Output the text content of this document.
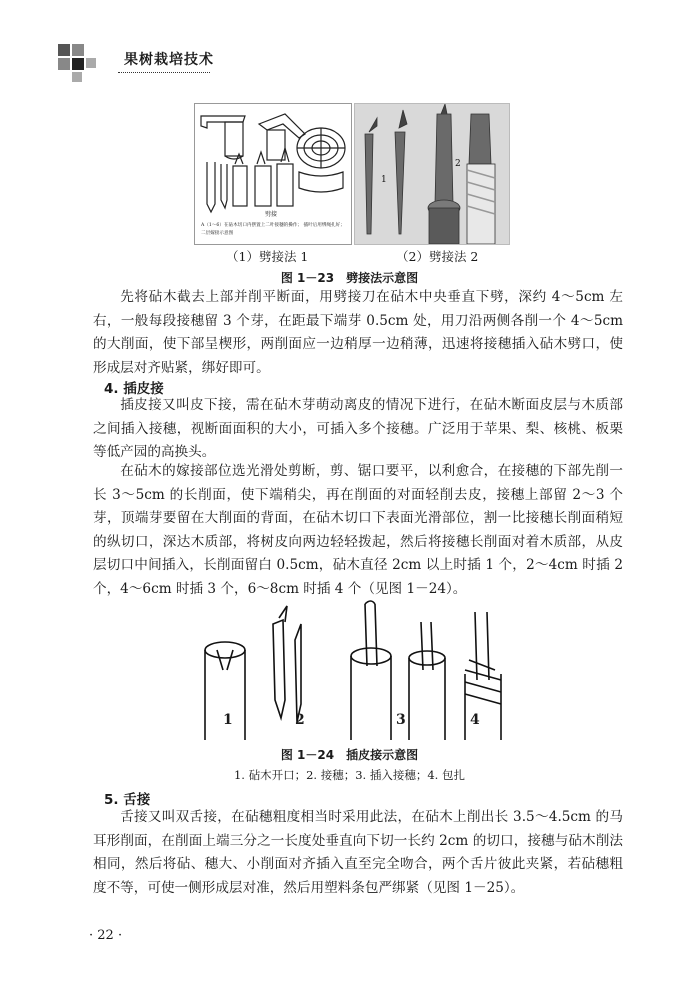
果树栽培技术
劈接
A（1～6）在砧木切口内摆置上二叶接穗的操作； 插叶后用绑绳扎好；
二层嫁接示意图
1
2
（1）劈接法 1	（2）劈接法 2
图 1－23　劈接法示意图

先将砧木截去上部并削平断面，用劈接刀在砧木中央垂直下劈，深约 4～5cm 左右，一般每段接穗留 3 个芽，在距最下端芽 0.5cm 处，用刀沿两侧各削一个 4～5cm 的大削面，使下部呈楔形，两削面应一边稍厚一边稍薄，迅速将接穗插入砧木劈口，使形成层对齐贴紧，绑好即可。

4. 插皮接

插皮接又叫皮下接，需在砧木芽萌动离皮的情况下进行，在砧木断面皮层与木质部之间插入接穗，视断面面积的大小，可插入多个接穗。广泛用于苹果、梨、核桃、板栗等低产园的高换头。

在砧木的嫁接部位选光滑处剪断，剪、锯口要平，以利愈合，在接穗的下部先削一长 3～5cm 的长削面，使下端稍尖，再在削面的对面轻削去皮，接穗上部留 2～3 个芽，顶端芽要留在大削面的背面，在砧木切口下表面光滑部位，割一比接穗长削面稍短的纵切口，深达木质部，将树皮向两边轻轻拨起，然后将接穗长削面对着木质部，从皮层切口中间插入，长削面留白 0.5cm，砧木直径 2cm 以上时插 1 个，2～4cm 时插 2 个，4～6cm 时插 3 个，6～8cm 时插 4 个（见图 1－24）。

1	2	3	4
图 1－24　插皮接示意图
1. 砧木开口；2. 接穗；3. 插入接穗；4. 包扎
5. 舌接

舌接又叫双舌接，在砧穗粗度相当时采用此法，在砧木上削出长 3.5～4.5cm 的马耳形削面，在削面上端三分之一长度处垂直向下切一长约 2cm 的切口，接穗与砧木削法相同，然后将砧、穗大、小削面对齐插入直至完全吻合，两个舌片彼此夹紧，若砧穗粗度不等，可使一侧形成层对准，然后用塑料条包严绑紧（见图 1－25）。

· 22 ·
